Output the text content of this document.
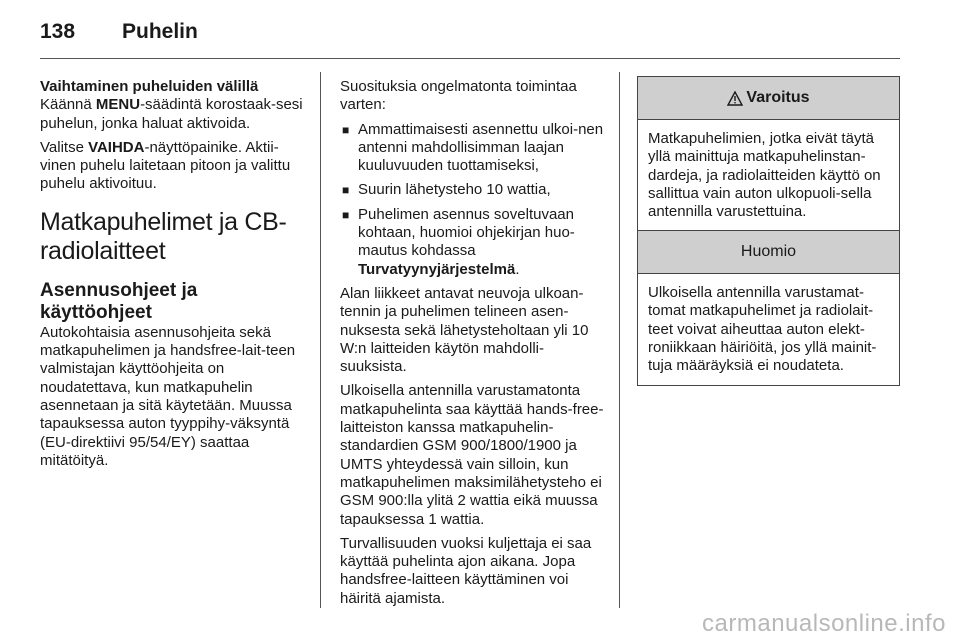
138 Puhelin

Vaihtaminen puheluiden välillä

Käännä MENU-säädintä korostaak-sesi puhelun, jonka haluat aktivoida.

Valitse VAIHDA-näyttöpainike. Aktii-vinen puhelu laitetaan pitoon ja valittu puhelu aktivoituu.

Matkapuhelimet ja CB-radiolaitteet
Asennusohjeet ja käyttöohjeet

Autokohtaisia asennusohjeita sekä matkapuhelimen ja handsfree-lait-teen valmistajan käyttöohjeita on noudatettava, kun matkapuhelin asennetaan ja sitä käytetään. Muussa tapauksessa auton tyyppihy-väksyntä (EU-direktiivi 95/54/EY) saattaa mitätöityä.

Suosituksia ongelmatonta toimintaa varten:

■ Ammattimaisesti asennettu ulkoi-nen antenni mahdollisimman laajan kuuluvuuden tuottamiseksi,
■ Suurin lähetysteho 10 wattia,
■ Puhelimen asennus soveltuvaan kohtaan, huomioi ohjekirjan huo-mautus kohdassa
Turvatyynyjärjestelmä.

Alan liikkeet antavat neuvoja ulkoan-tennin ja puhelimen telineen asen-nuksesta sekä lähetysteholtaan yli 10 W:n laitteiden käytön mahdolli-suuksista.

Ulkoisella antennilla varustamatonta matkapuhelinta saa käyttää hands-free-laitteiston kanssa matkapuhelin-standardien GSM 900/1800/1900 ja UMTS yhteydessä vain silloin, kun matkapuhelimen maksimilähetysteho ei GSM 900:lla ylitä 2 wattia eikä muussa tapauksessa 1 wattia.

Turvallisuuden vuoksi kuljettaja ei saa käyttää puhelinta ajon aikana. Jopa handsfree-laitteen käyttäminen voi häiritä ajamista.

Varoitus
Matkapuhelimien, jotka eivät täytä yllä mainittuja matkapuhelinstan-dardeja, ja radiolaitteiden käyttö on sallittua vain auton ulkopuoli-sella antennilla varustettuina.
Huomio
Ulkoisella antennilla varustamat-tomat matkapuhelimet ja radiolait-teet voivat aiheuttaa auton elekt-roniikkaan häiriöitä, jos yllä mainit-tuja määräyksiä ei noudateta.
carmanualsonline.info
